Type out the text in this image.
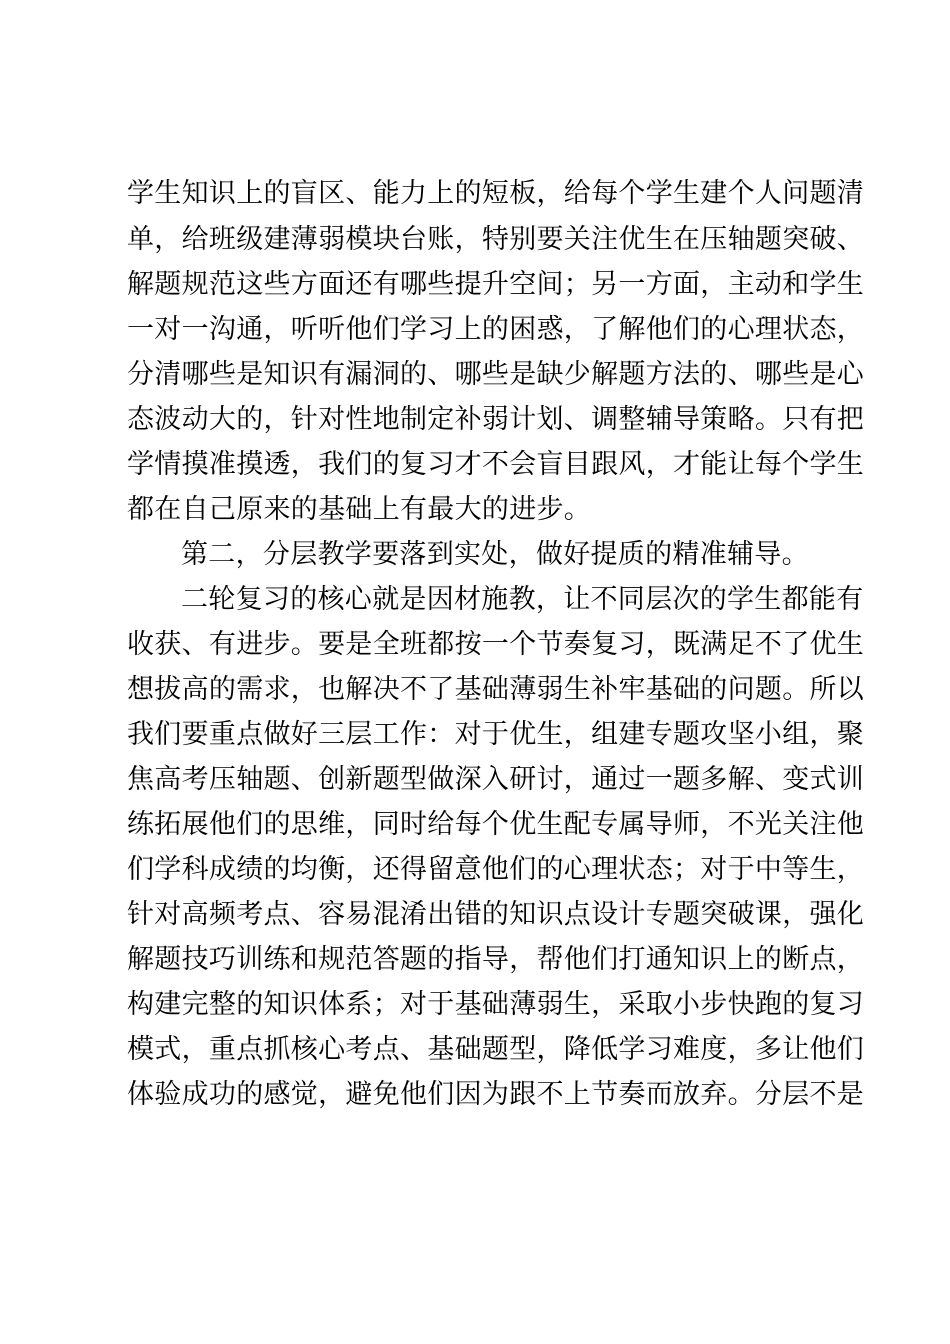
学生知识上的盲区、能力上的短板，给每个学生建个人问题清
单，给班级建薄弱模块台账，特别要关注优生在压轴题突破、
解题规范这些方面还有哪些提升空间；另一方面，主动和学生
一对一沟通，听听他们学习上的困惑，了解他们的心理状态，
分清哪些是知识有漏洞的、哪些是缺少解题方法的、哪些是心
态波动大的，针对性地制定补弱计划、调整辅导策略。只有把
学情摸准摸透，我们的复习才不会盲目跟风，才能让每个学生
都在自己原来的基础上有最大的进步。
第二，分层教学要落到实处，做好提质的精准辅导。
二轮复习的核心就是因材施教，让不同层次的学生都能有
收获、有进步。要是全班都按一个节奏复习，既满足不了优生
想拔高的需求，也解决不了基础薄弱生补牢基础的问题。所以
我们要重点做好三层工作：对于优生，组建专题攻坚小组，聚
焦高考压轴题、创新题型做深入研讨，通过一题多解、变式训
练拓展他们的思维，同时给每个优生配专属导师，不光关注他
们学科成绩的均衡，还得留意他们的心理状态；对于中等生，
针对高频考点、容易混淆出错的知识点设计专题突破课，强化
解题技巧训练和规范答题的指导，帮他们打通知识上的断点，
构建完整的知识体系；对于基础薄弱生，采取小步快跑的复习
模式，重点抓核心考点、基础题型，降低学习难度，多让他们
体验成功的感觉，避免他们因为跟不上节奏而放弃。分层不是
